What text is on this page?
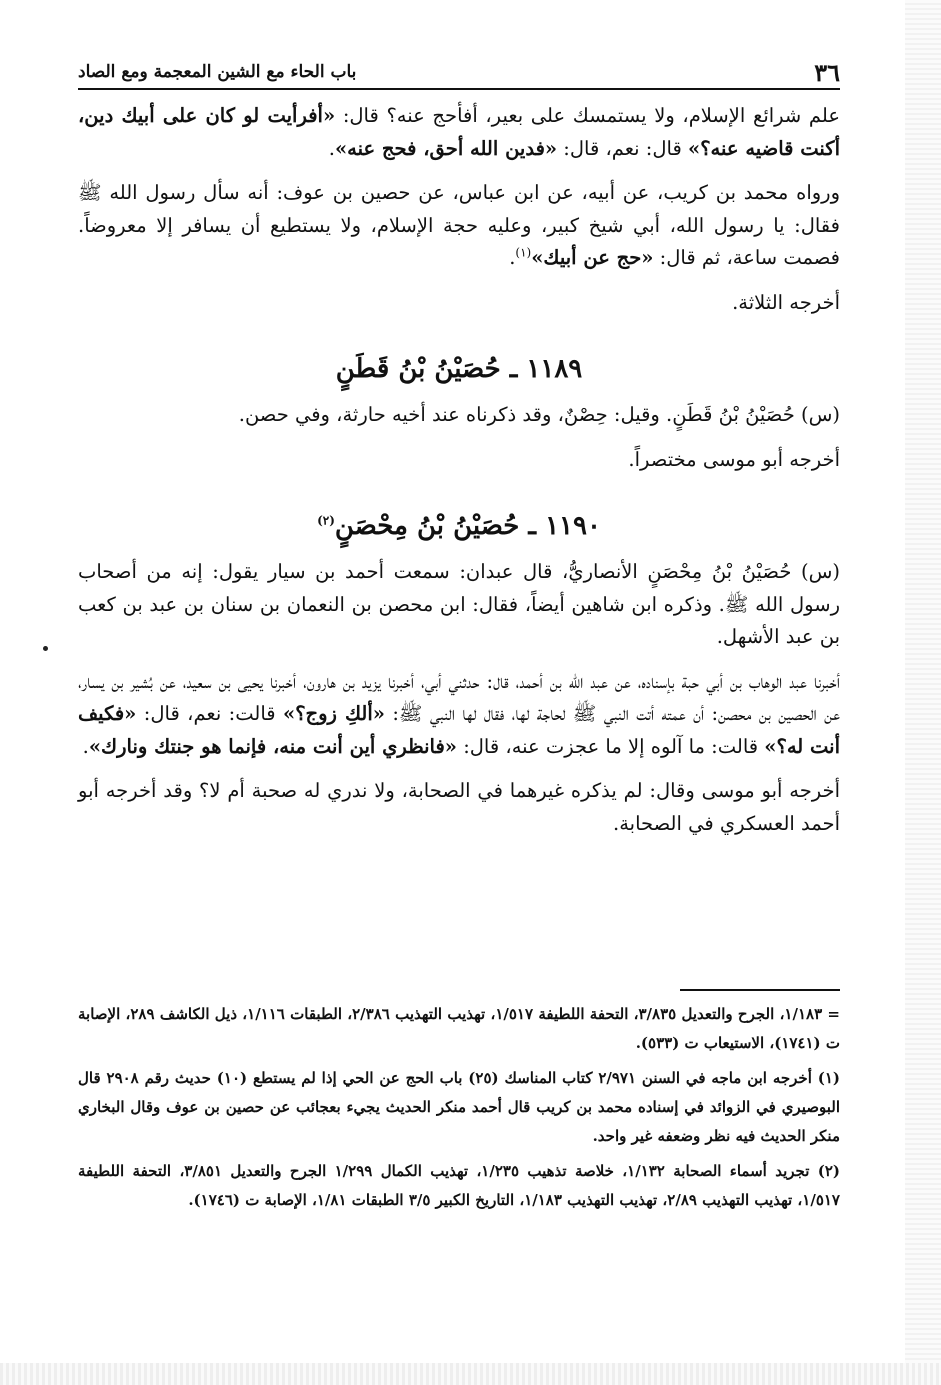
٣٦
باب الحاء مع الشين المعجمة ومع الصاد

علم شرائع الإسلام، ولا يستمسك على بعير، أفأحج عنه؟ قال: «أفرأيت لو كان على أبيك دين، أكنت قاضيه عنه؟» قال: نعم، قال: «فدين الله أحق، فحج عنه».

ورواه محمد بن كريب، عن أبيه، عن ابن عباس، عن حصين بن عوف: أنه سأل رسول الله ﷺ فقال: يا رسول الله، أبي شيخ كبير، وعليه حجة الإسلام، ولا يستطيع أن يسافر إلا معروضاً. فصمت ساعة، ثم قال: «حج عن أبيك»$^{(١)}$.

أخرجه الثلاثة.

١١٨٩ ـ حُصَيْنُ بْنُ قَطَنٍ

(س) حُصَيْنُ بْنُ قَطَنٍ. وقيل: حِصْنٌ، وقد ذكرناه عند أخيه حارثة، وفي حصن.

أخرجه أبو موسى مختصراً.

١١٩٠ ـ حُصَيْنُ بْنُ مِحْصَنٍ$^{(٢)}$

(س) حُصَيْنُ بْنُ مِحْصَنٍ الأنصاريُّ، قال عبدان: سمعت أحمد بن سيار يقول: إنه من أصحاب رسول الله ﷺ. وذكره ابن شاهين أيضاً، فقال: ابن محصن بن النعمان بن سنان بن عبد بن كعب بن عبد الأشهل.

أخبرنا عبد الوهاب بن أبي حبة بإسناده، عن عبد الله بن أحمد، قال: حدثني أبي، أخبرنا يزيد بن هارون، أخبرنا يحيى بن سعيد، عن بُشير بن يسار، عن الحصين بن محصن: أن عمته أتت النبي ﷺ لحاجة لها، فقال لها النبي ﷺ: «ألكِ زوج؟» قالت: نعم، قال: «فكيف أنت له؟» قالت: ما آلوه إلا ما عجزت عنه، قال: «فانظري أين أنت منه، فإنما هو جنتك ونارك».

أخرجه أبو موسى وقال: لم يذكره غيرهما في الصحابة، ولا ندري له صحبة أم لا؟ وقد أخرجه أبو أحمد العسكري في الصحابة.

= ١/١٨٣، الجرح والتعديل ٣/٨٣٥، التحفة اللطيفة ١/٥١٧، تهذيب التهذيب ٢/٣٨٦، الطبقات ١/١١٦، ذيل الكاشف ٢٨٩، الإصابة ت (١٧٤١)، الاستيعاب ت (٥٣٣).

(١) أخرجه ابن ماجه في السنن ٢/٩٧١ كتاب المناسك (٢٥) باب الحج عن الحي إذا لم يستطع (١٠) حديث رقم ٢٩٠٨ قال البوصيري في الزوائد في إسناده محمد بن كريب قال أحمد منكر الحديث يجيء بعجائب عن حصين بن عوف وقال البخاري منكر الحديث فيه نظر وضعفه غير واحد.

(٢) تجريد أسماء الصحابة ١/١٣٢، خلاصة تذهيب ١/٢٣٥، تهذيب الكمال ١/٢٩٩ الجرح والتعديل ٣/٨٥١، التحفة اللطيفة ١/٥١٧، تهذيب التهذيب ٢/٨٩، تهذيب التهذيب ١/١٨٣، التاريخ الكبير ٣/٥ الطبقات ١/٨١، الإصابة ت (١٧٤٦).
